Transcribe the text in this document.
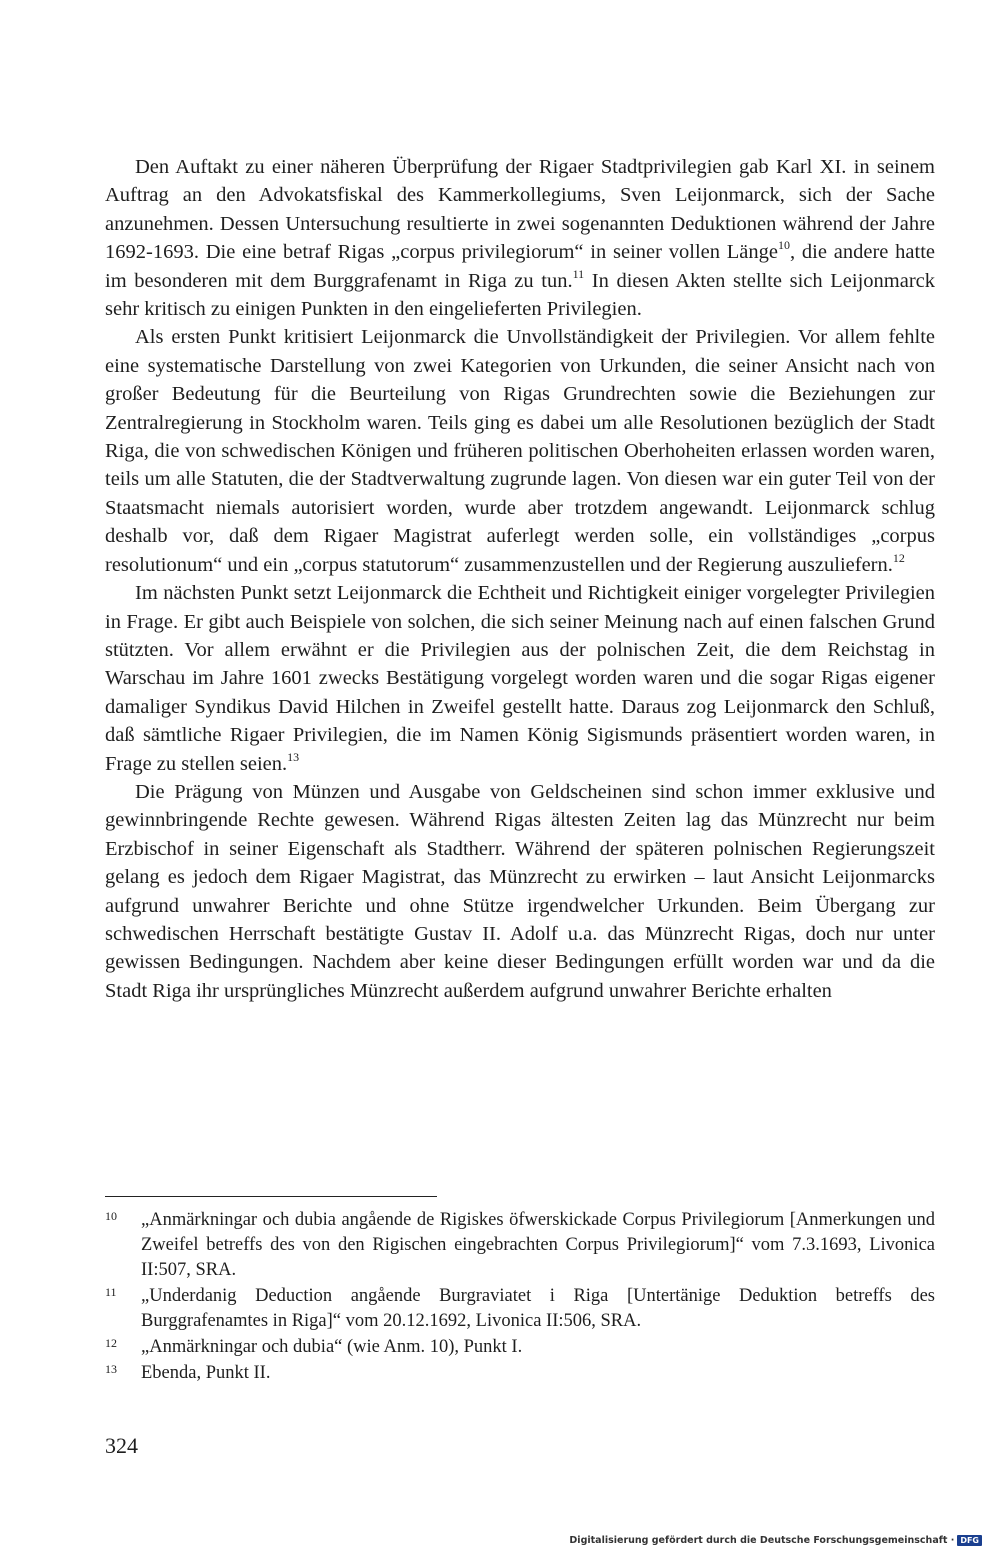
Den Auftakt zu einer näheren Überprüfung der Rigaer Stadtprivilegien gab Karl XI. in seinem Auftrag an den Advokatsfiskal des Kammerkollegiums, Sven Leijonmarck, sich der Sache anzunehmen. Dessen Untersuchung resultierte in zwei sogenannten Deduktionen während der Jahre 1692-1693. Die eine betraf Rigas „corpus privilegiorum“ in seiner vollen Länge$^{10}$, die andere hatte im besonderen mit dem Burggrafenamt in Riga zu tun.$^{11}$ In diesen Akten stellte sich Leijonmarck sehr kritisch zu einigen Punkten in den eingelieferten Privilegien.

Als ersten Punkt kritisiert Leijonmarck die Unvollständigkeit der Privilegien. Vor allem fehlte eine systematische Darstellung von zwei Kategorien von Urkunden, die seiner Ansicht nach von großer Bedeutung für die Beurteilung von Rigas Grundrechten sowie die Beziehungen zur Zentralregierung in Stockholm waren. Teils ging es dabei um alle Resolutionen bezüglich der Stadt Riga, die von schwedischen Königen und früheren politischen Oberhoheiten erlassen worden waren, teils um alle Statuten, die der Stadtverwaltung zugrunde lagen. Von diesen war ein guter Teil von der Staatsmacht niemals autorisiert worden, wurde aber trotzdem angewandt. Leijonmarck schlug deshalb vor, daß dem Rigaer Magistrat auferlegt werden solle, ein vollständiges „corpus resolutionum“ und ein „corpus statutorum“ zusammenzustellen und der Regierung auszuliefern.$^{12}$

Im nächsten Punkt setzt Leijonmarck die Echtheit und Richtigkeit einiger vorgelegter Privilegien in Frage. Er gibt auch Beispiele von solchen, die sich seiner Meinung nach auf einen falschen Grund stützten. Vor allem erwähnt er die Privilegien aus der polnischen Zeit, die dem Reichstag in Warschau im Jahre 1601 zwecks Bestätigung vorgelegt worden waren und die sogar Rigas eigener damaliger Syndikus David Hilchen in Zweifel gestellt hatte. Daraus zog Leijonmarck den Schluß, daß sämtliche Rigaer Privilegien, die im Namen König Sigismunds präsentiert worden waren, in Frage zu stellen seien.$^{13}$

Die Prägung von Münzen und Ausgabe von Geldscheinen sind schon immer exklusive und gewinnbringende Rechte gewesen. Während Rigas ältesten Zeiten lag das Münzrecht nur beim Erzbischof in seiner Eigenschaft als Stadtherr. Während der späteren polnischen Regierungszeit gelang es jedoch dem Rigaer Magistrat, das Münzrecht zu erwirken – laut Ansicht Leijonmarcks aufgrund unwahrer Berichte und ohne Stütze irgendwelcher Urkunden. Beim Übergang zur schwedischen Herrschaft bestätigte Gustav II. Adolf u.a. das Münzrecht Rigas, doch nur unter gewissen Bedingungen. Nachdem aber keine dieser Bedingungen erfüllt worden war und da die Stadt Riga ihr ursprüngliches Münzrecht außerdem aufgrund unwahrer Berichte erhalten

10 „Anmärkningar och dubia angående de Rigiskes öfwerskickade Corpus Privilegiorum [Anmerkungen und Zweifel betreffs des von den Rigischen eingebrachten Corpus Privilegiorum]“ vom 7.3.1693, Livonica II:507, SRA.
11 „Underdanig Deduction angående Burgraviatet i Riga [Untertänige Deduktion betreffs des Burggrafenamtes in Riga]“ vom 20.12.1692, Livonica II:506, SRA.
12 „Anmärkningar och dubia“ (wie Anm. 10), Punkt I.
13 Ebenda, Punkt II.
324
Digitalisierung gefördert durch die Deutsche Forschungsgemeinschaft · DFG
